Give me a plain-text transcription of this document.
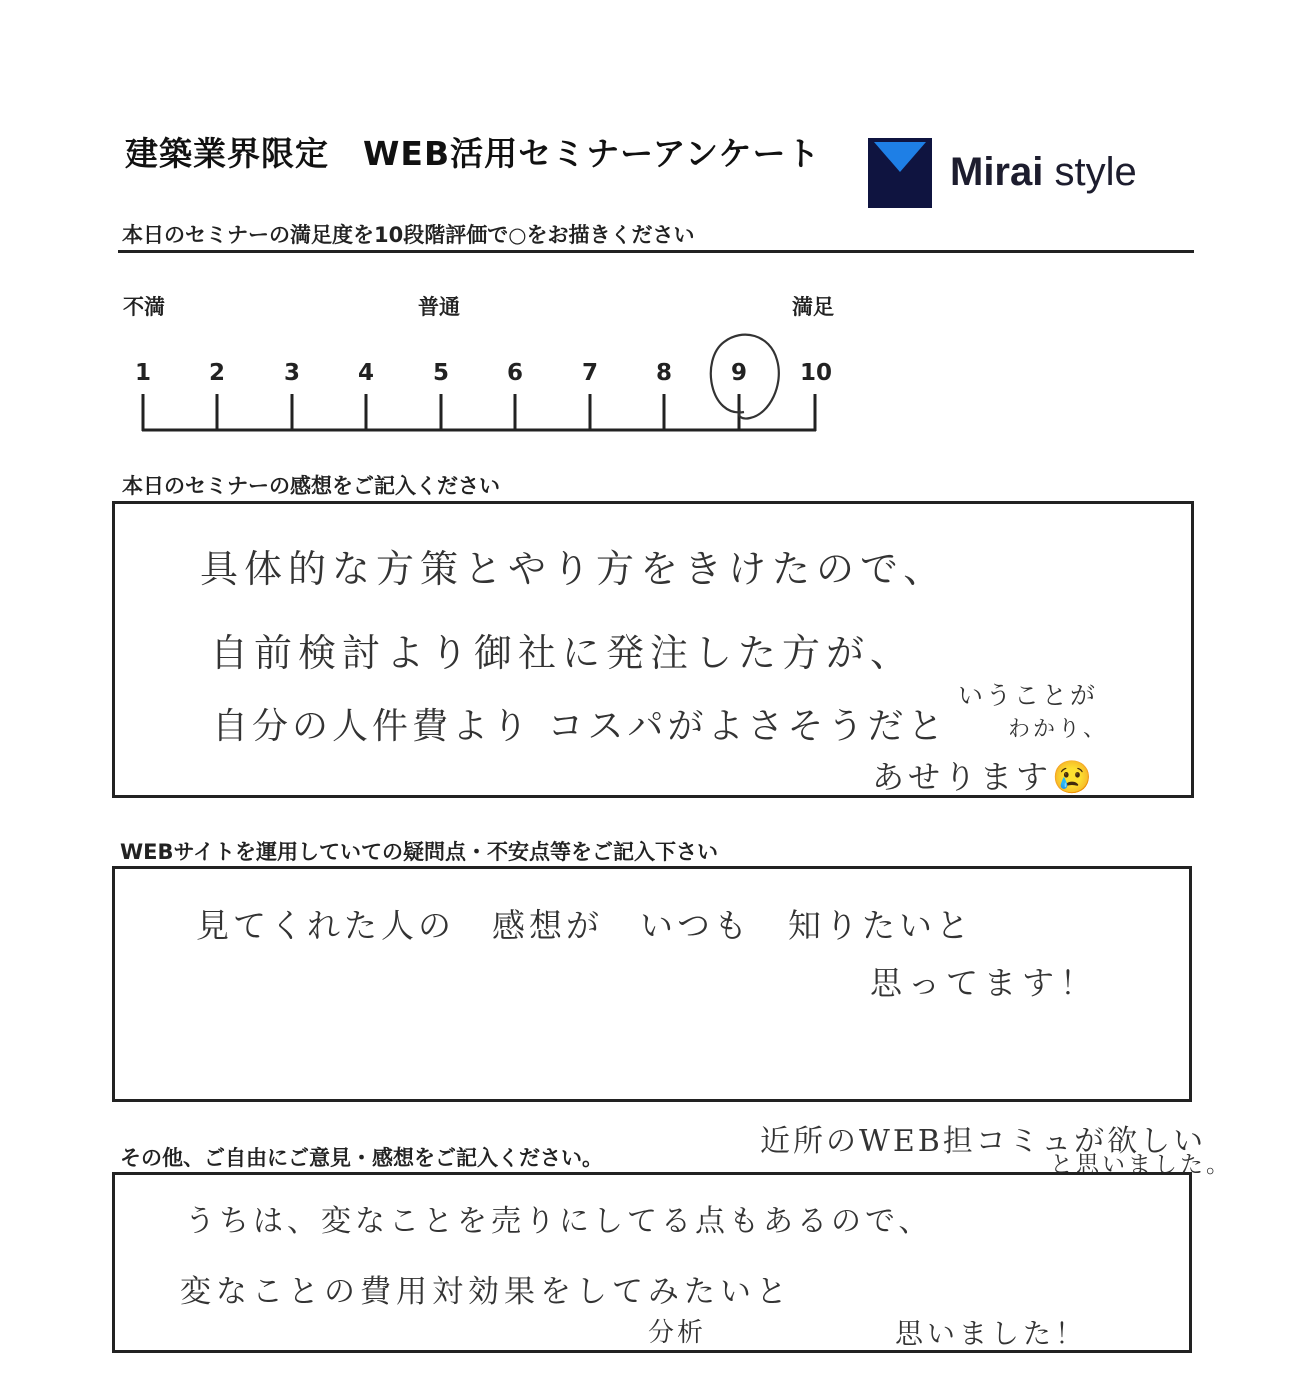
建築業界限定　WEB活用セミナーアンケート	Mirai style
本日のセミナーの満足度を10段階評価で○をお描きください
不満	普通	満足
1	2	3	4	5	6	7	8	9	10
本日のセミナーの感想をご記入ください
具体的な方策とやり方をきけたので、
自前検討より御社に発注した方が、
自分の人件費より コスパがよさそうだと
いうことが
わかり、
あせります😢
WEBサイトを運用していての疑問点・不安点等をご記入下さい
見てくれた人の　感想が　いつも　知りたいと
思ってます！
その他、ご自由にご意見・感想をご記入ください。	近所のWEB担コミュが欲しい
と思いました。
うちは、変なことを売りにしてる点もあるので、
変なことの費用対効果をしてみたいと
分析	思いました！
